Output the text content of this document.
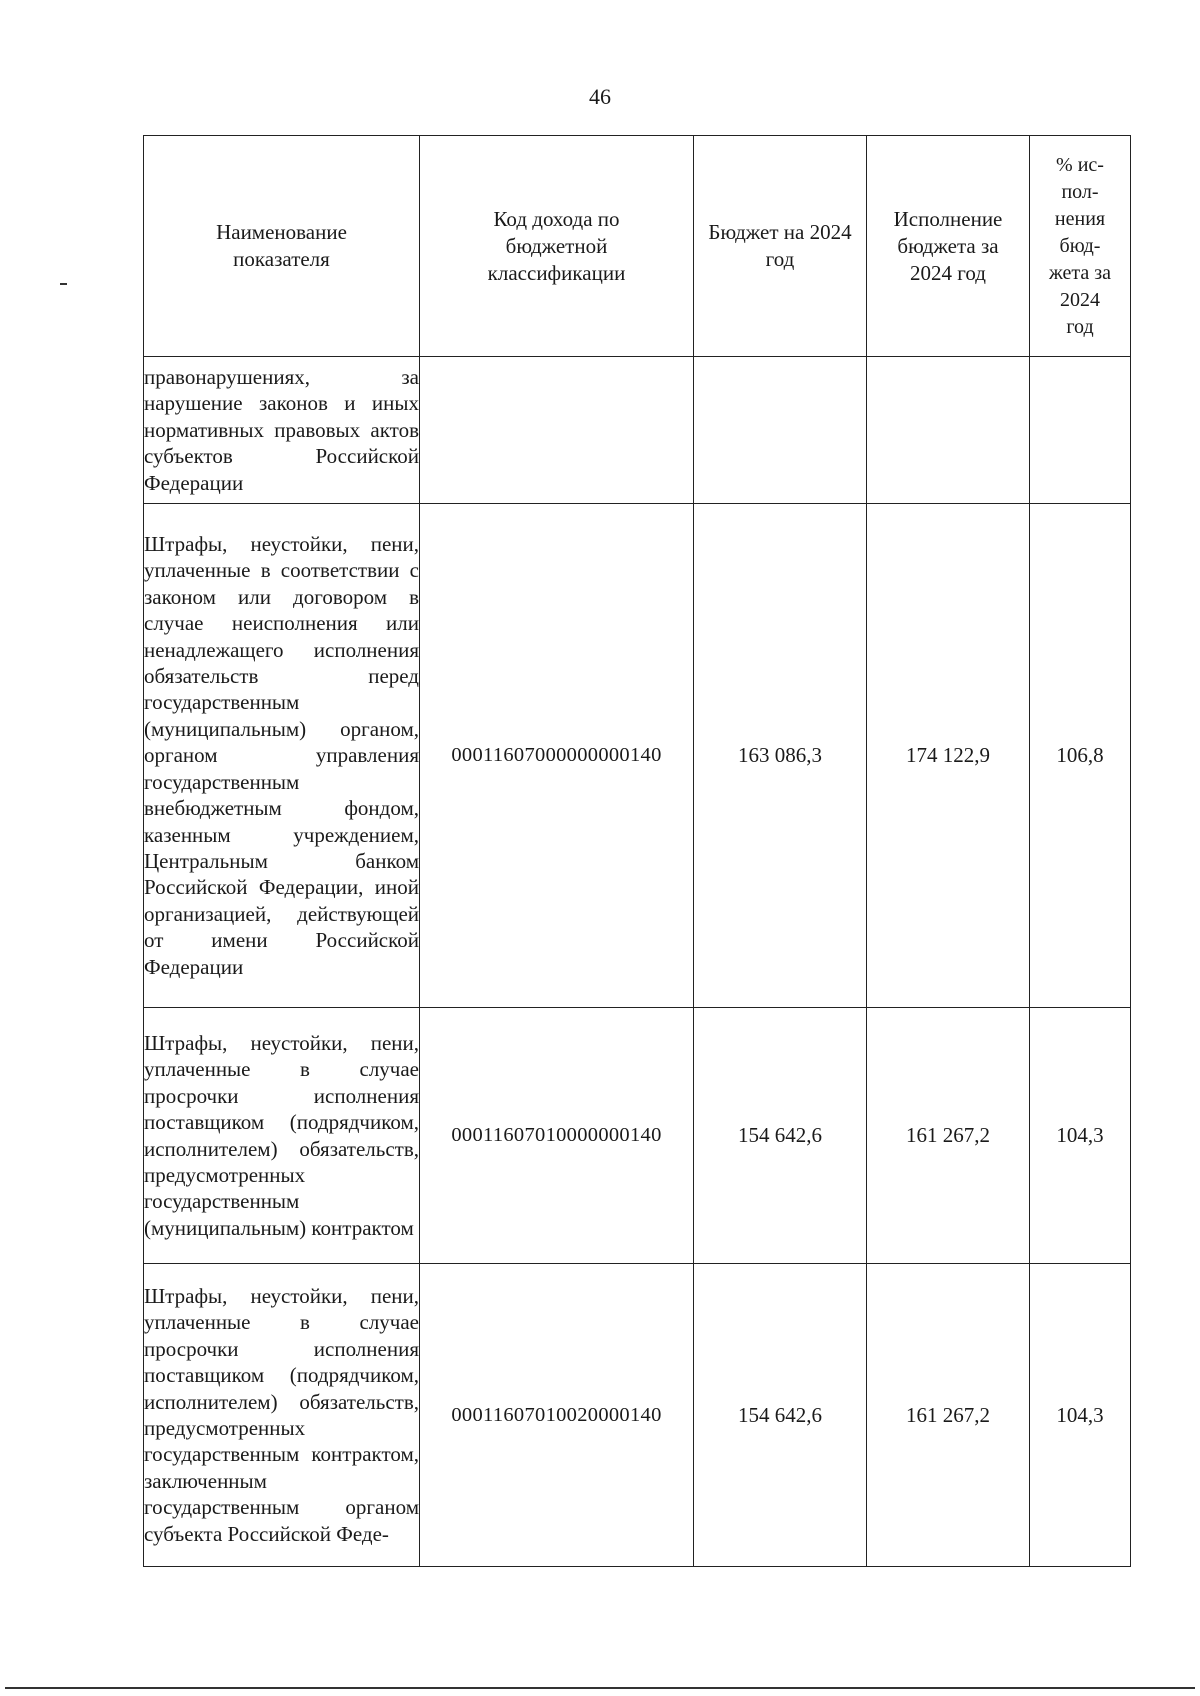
46
Наименование показателя	Код дохода по бюджетной классификации	Бюджет на 2024 год	Исполнение бюджета за 2024 год	% ис-пол-нения бюд-жета за 2024 год

правонарушениях, за нарушение законов и иных нормативных правовых актов субъектов Российской Федерации				

Штрафы, неустойки, пени, уплаченные в соответствии с законом или договором в случае неисполнения или ненадлежащего исполнения обязательств перед государственным (муниципальным) органом, органом управления государственным внебюджетным фондом, казенным учреждением, Центральным банком Российской Федерации, иной организацией, действующей от имени Российской Федерации	00011607000000000140	163 086,3	174 122,9	106,8

Штрафы, неустойки, пени, уплаченные в случае просрочки исполнения поставщиком (подрядчиком, исполнителем) обязательств, предусмотренных государственным (муниципальным) контрактом	00011607010000000140	154 642,6	161 267,2	104,3

Штрафы, неустойки, пени, уплаченные в случае просрочки исполнения поставщиком (подрядчиком, исполнителем) обязательств, предусмотренных государственным контрактом, заключенным государственным органом субъекта Российской Феде-	00011607010020000140	154 642,6	161 267,2	104,3
